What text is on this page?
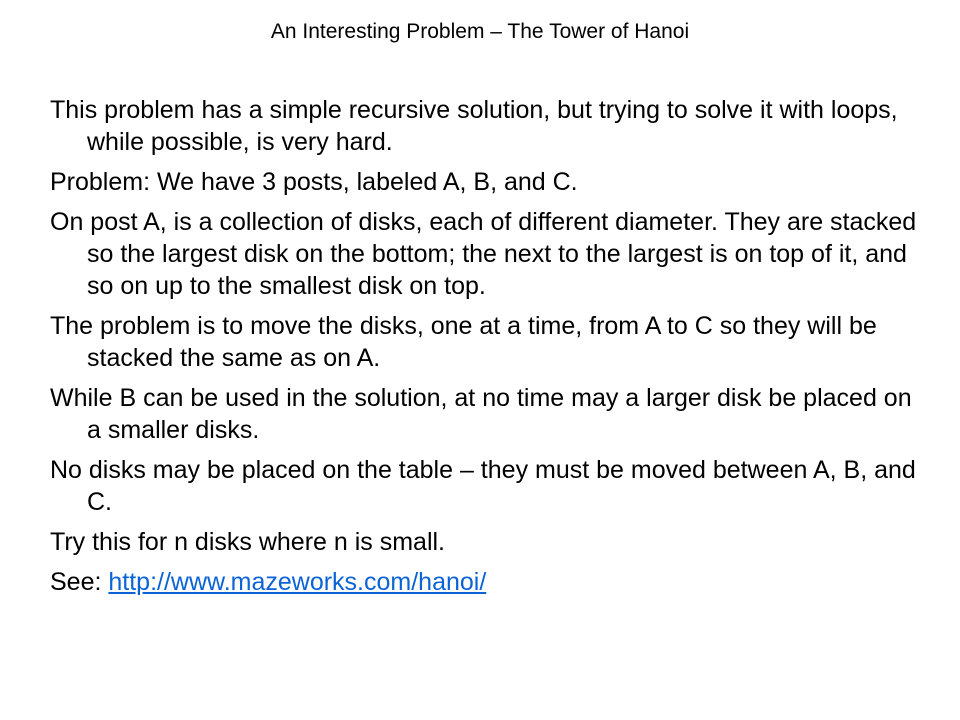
An Interesting Problem – The Tower of Hanoi

This problem has a simple recursive solution, but trying to solve it with loops, while possible, is very hard.

Problem: We have 3 posts, labeled A, B, and C.

On post A, is a collection of disks, each of different diameter. They are stacked so the largest disk on the bottom; the next to the largest is on top of it, and so on up to the smallest disk on top.

The problem is to move the disks, one at a time, from A to C so they will be stacked the same as on A.

While B can be used in the solution, at no time may a larger disk be placed on a smaller disks.

No disks may be placed on the table – they must be moved between A, B, and C.

Try this for n disks where n is small.

See: http://www.mazeworks.com/hanoi/
